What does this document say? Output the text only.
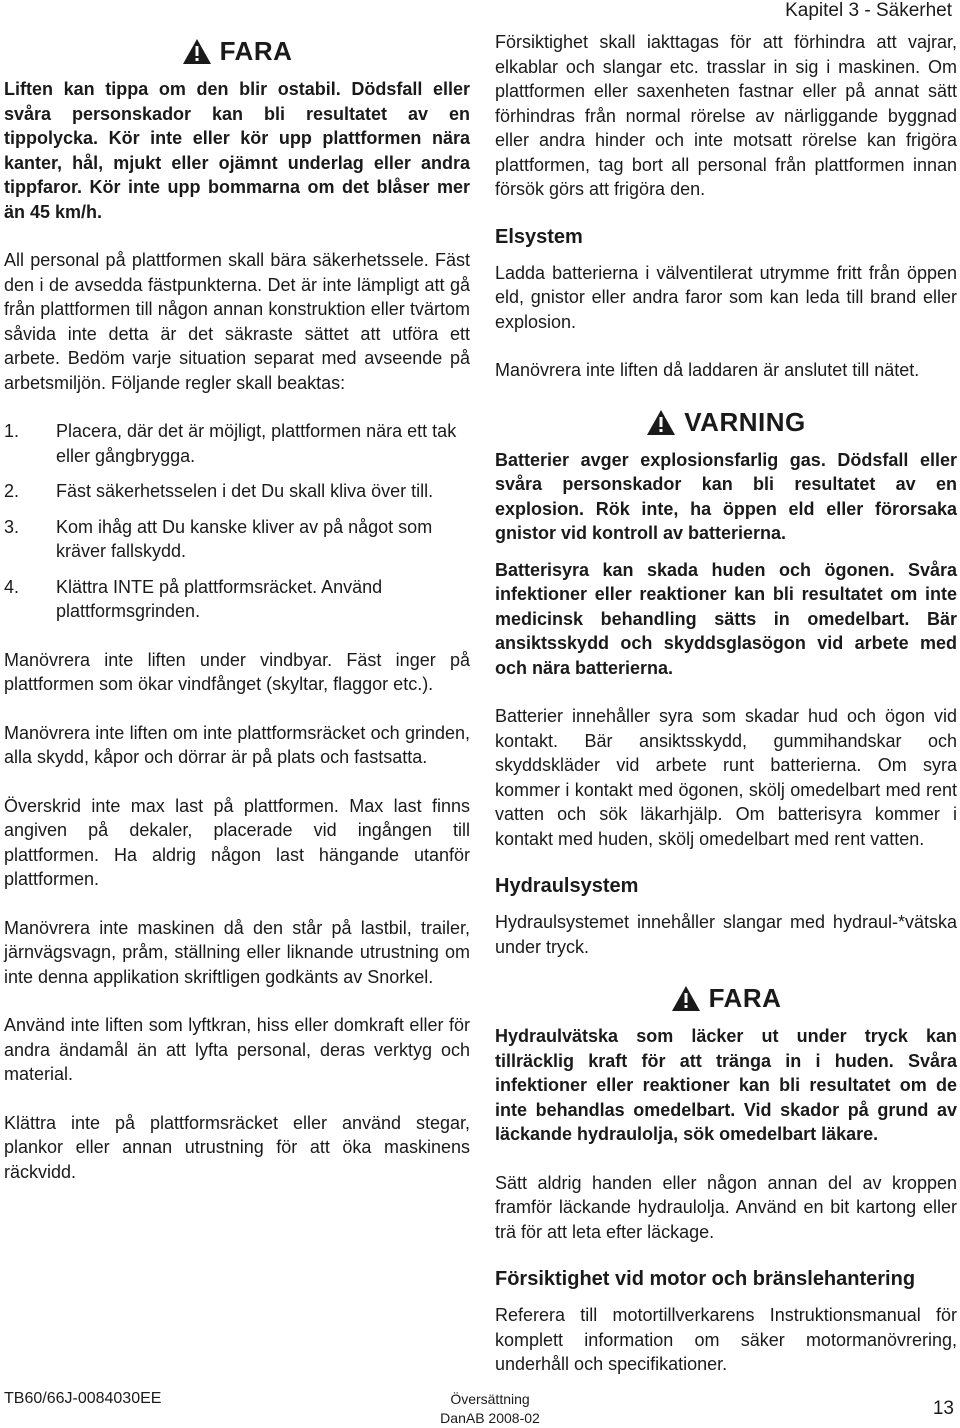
Kapitel 3 - Säkerhet
FARA

Liften kan tippa om den blir ostabil. Dödsfall eller svåra personskador kan bli resultatet av en tippolycka. Kör inte eller kör upp plattformen nära kanter, hål, mjukt eller ojämnt underlag eller andra tippfaror. Kör inte upp bommarna om det blåser mer än 45 km/h.

All personal på plattformen skall bära säkerhetssele. Fäst den i de avsedda fästpunkterna. Det är inte lämpligt att gå från plattformen till någon annan konstruktion eller tvärtom såvida inte detta är det säkraste sättet att utföra ett arbete. Bedöm varje situation separat med avseende på arbetsmiljön. Följande regler skall beaktas:

1.	Placera, där det är möjligt, plattformen nära ett tak eller gångbrygga.
2.	Fäst säkerhetsselen i det Du skall kliva över till.
3.	Kom ihåg att Du kanske kliver av på något som kräver fallskydd.
4.	Klättra INTE på plattformsräcket. Använd plattformsgrinden.

Manövrera inte liften under vindbyar. Fäst inger på plattformen som ökar vindfånget (skyltar, flaggor etc.).

Manövrera inte liften om inte plattformsräcket och grinden, alla skydd, kåpor och dörrar är på plats och fastsatta.

Överskrid inte max last på plattformen. Max last finns angiven på dekaler, placerade vid ingången till plattformen. Ha aldrig någon last hängande utanför plattformen.

Manövrera inte maskinen då den står på lastbil, trailer, järnvägsvagn, pråm, ställning eller liknande utrustning om inte denna applikation skriftligen godkänts av Snorkel.

Använd inte liften som lyftkran, hiss eller domkraft eller för andra ändamål än att lyfta personal, deras verktyg och material.

Klättra inte på plattformsräcket eller använd stegar, plankor eller annan utrustning för att öka maskinens räckvidd.

Försiktighet skall iakttagas för att förhindra att vajrar, elkablar och slangar etc. trasslar in sig i maskinen. Om plattformen eller saxenheten fastnar eller på annat sätt förhindras från normal rörelse av närliggande byggnad eller andra hinder och inte motsatt rörelse kan frigöra plattformen, tag bort all personal från plattformen innan försök görs att frigöra den.

Elsystem

Ladda batterierna i välventilerat utrymme fritt från öppen eld, gnistor eller andra faror som kan leda till brand eller explosion.

Manövrera inte liften då laddaren är anslutet till nätet.

VARNING

Batterier avger explosionsfarlig gas. Dödsfall eller svåra personskador kan bli resultatet av en explosion. Rök inte, ha öppen eld eller förorsaka gnistor vid kontroll av batterierna.

Batterisyra kan skada huden och ögonen. Svåra infektioner eller reaktioner kan bli resultatet om inte medicinsk behandling sätts in omedelbart. Bär ansiktsskydd och skyddsglasögon vid arbete med och nära batterierna.

Batterier innehåller syra som skadar hud och ögon vid kontakt. Bär ansiktsskydd, gummihandskar och skyddskläder vid arbete runt batterierna. Om syra kommer i kontakt med ögonen, skölj omedelbart med rent vatten och sök läkarhjälp. Om batterisyra kommer i kontakt med huden, skölj omedelbart med rent vatten.

Hydraulsystem

Hydraulsystemet innehåller slangar med hydraul-*vätska under tryck.

FARA

Hydraulvätska som läcker ut under tryck kan tillräcklig kraft för att tränga in i huden. Svåra infektioner eller reaktioner kan bli resultatet om de inte behandlas omedelbart. Vid skador på grund av läckande hydraulolja, sök omedelbart läkare.

Sätt aldrig handen eller någon annan del av kroppen framför läckande hydraulolja. Använd en bit kartong eller trä för att leta efter läckage.

Försiktighet vid motor och bränslehantering

Referera till motortillverkarens Instruktionsmanual för komplett information om säker motormanövrering, underhåll och specifikationer.

TB60/66J-0084030EE	Översättning
DanAB 2008-02	13
